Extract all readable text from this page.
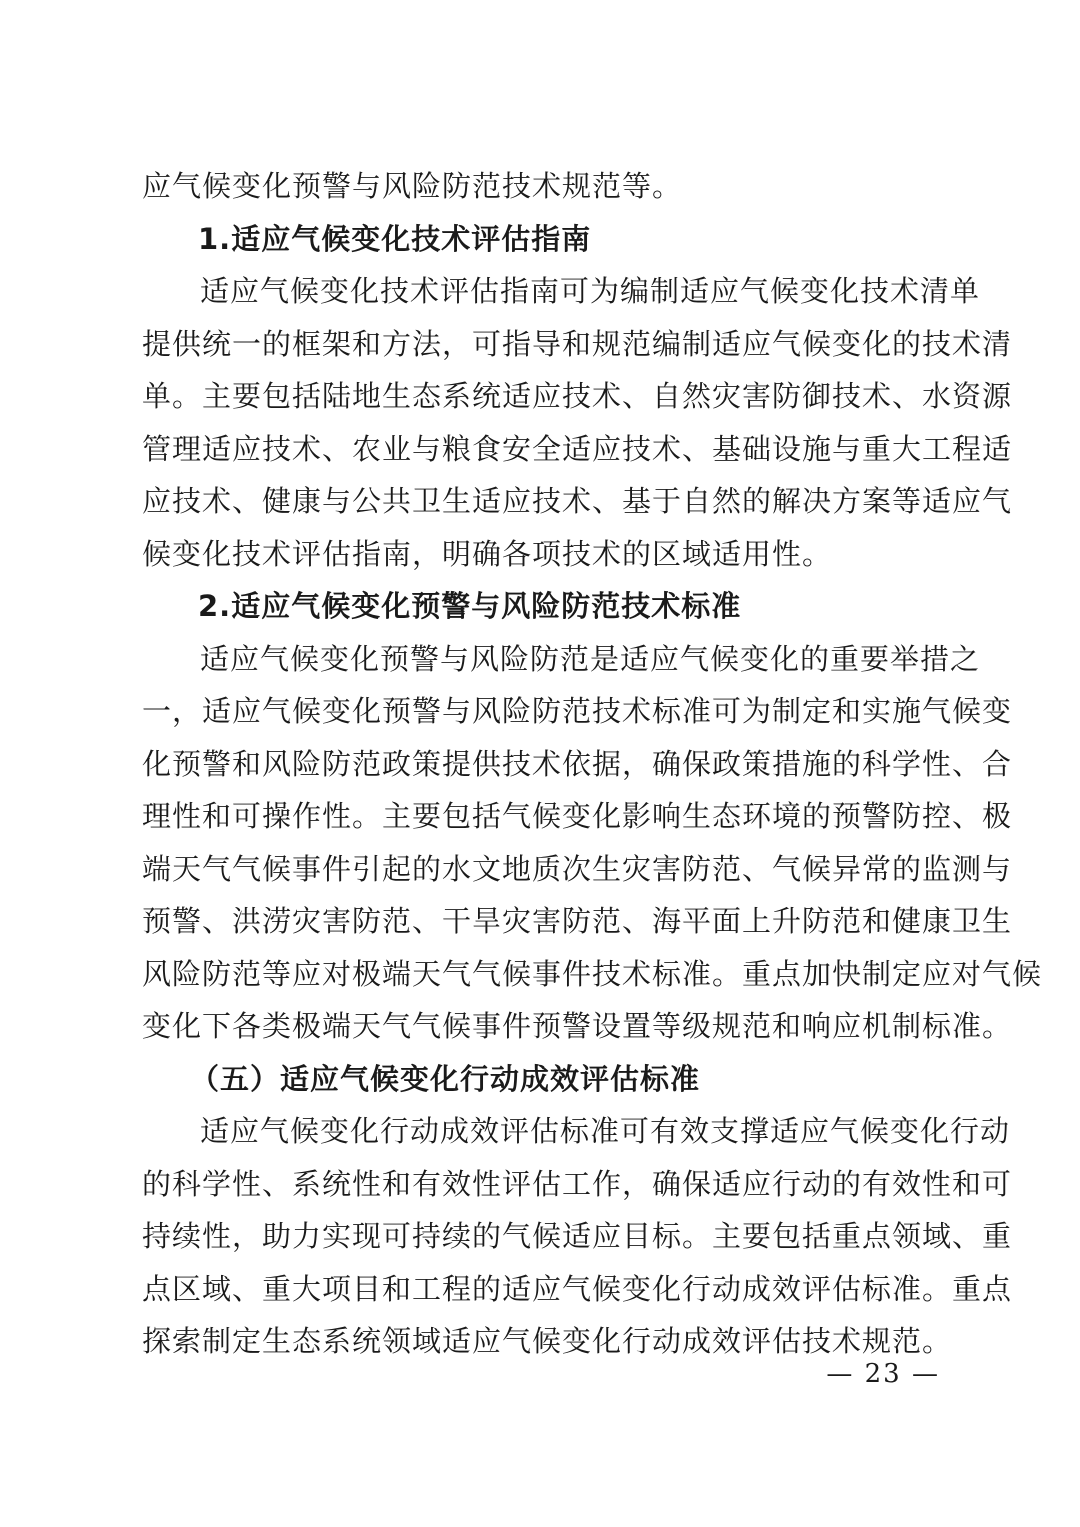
应气候变化预警与风险防范技术规范等。
1.适应气候变化技术评估指南
适应气候变化技术评估指南可为编制适应气候变化技术清单
提供统一的框架和方法，可指导和规范编制适应气候变化的技术清
单。主要包括陆地生态系统适应技术、自然灾害防御技术、水资源
管理适应技术、农业与粮食安全适应技术、基础设施与重大工程适
应技术、健康与公共卫生适应技术、基于自然的解决方案等适应气
候变化技术评估指南，明确各项技术的区域适用性。
2.适应气候变化预警与风险防范技术标准
适应气候变化预警与风险防范是适应气候变化的重要举措之
一，适应气候变化预警与风险防范技术标准可为制定和实施气候变
化预警和风险防范政策提供技术依据，确保政策措施的科学性、合
理性和可操作性。主要包括气候变化影响生态环境的预警防控、极
端天气气候事件引起的水文地质次生灾害防范、气候异常的监测与
预警、洪涝灾害防范、干旱灾害防范、海平面上升防范和健康卫生
风险防范等应对极端天气气候事件技术标准。重点加快制定应对气候
变化下各类极端天气气候事件预警设置等级规范和响应机制标准。
（五）适应气候变化行动成效评估标准
适应气候变化行动成效评估标准可有效支撑适应气候变化行动
的科学性、系统性和有效性评估工作，确保适应行动的有效性和可
持续性，助力实现可持续的气候适应目标。主要包括重点领域、重
点区域、重大项目和工程的适应气候变化行动成效评估标准。重点
探索制定生态系统领域适应气候变化行动成效评估技术规范。
— 23 —
